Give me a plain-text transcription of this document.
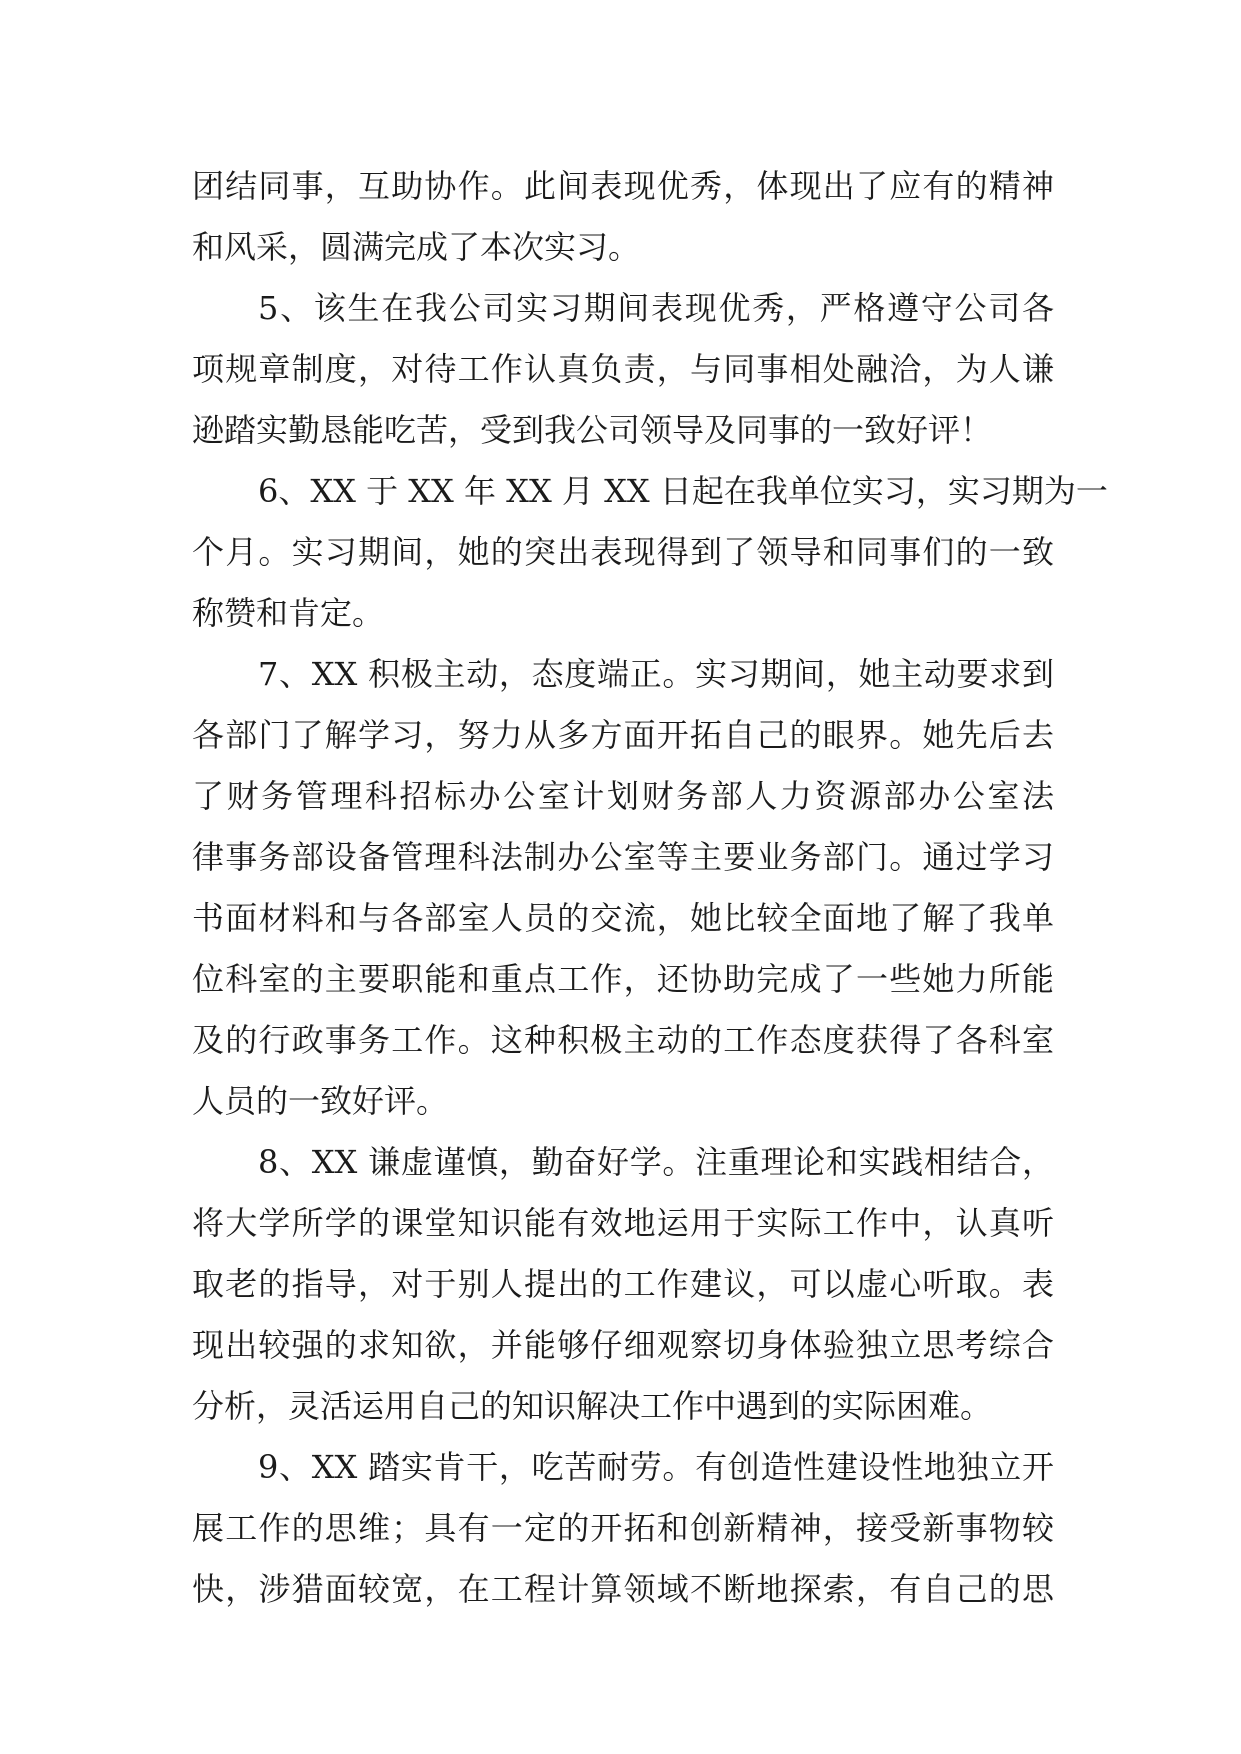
团结同事，互助协作。此间表现优秀，体现出了应有的精神
和风采，圆满完成了本次实习。
5、该生在我公司实习期间表现优秀，严格遵守公司各
项规章制度，对待工作认真负责，与同事相处融洽，为人谦
逊踏实勤恳能吃苦，受到我公司领导及同事的一致好评！
6、XX 于 XX 年 XX 月 XX 日起在我单位实习，实习期为一
个月。实习期间，她的突出表现得到了领导和同事们的一致
称赞和肯定。
7、XX 积极主动，态度端正。实习期间，她主动要求到
各部门了解学习，努力从多方面开拓自己的眼界。她先后去
了财务管理科招标办公室计划财务部人力资源部办公室法
律事务部设备管理科法制办公室等主要业务部门。通过学习
书面材料和与各部室人员的交流，她比较全面地了解了我单
位科室的主要职能和重点工作，还协助完成了一些她力所能
及的行政事务工作。这种积极主动的工作态度获得了各科室
人员的一致好评。
8、XX 谦虚谨慎，勤奋好学。注重理论和实践相结合，
将大学所学的课堂知识能有效地运用于实际工作中，认真听
取老的指导，对于别人提出的工作建议，可以虚心听取。表
现出较强的求知欲，并能够仔细观察切身体验独立思考综合
分析，灵活运用自己的知识解决工作中遇到的实际困难。
9、XX 踏实肯干，吃苦耐劳。有创造性建设性地独立开
展工作的思维；具有一定的开拓和创新精神，接受新事物较
快，涉猎面较宽，在工程计算领域不断地探索，有自己的思
